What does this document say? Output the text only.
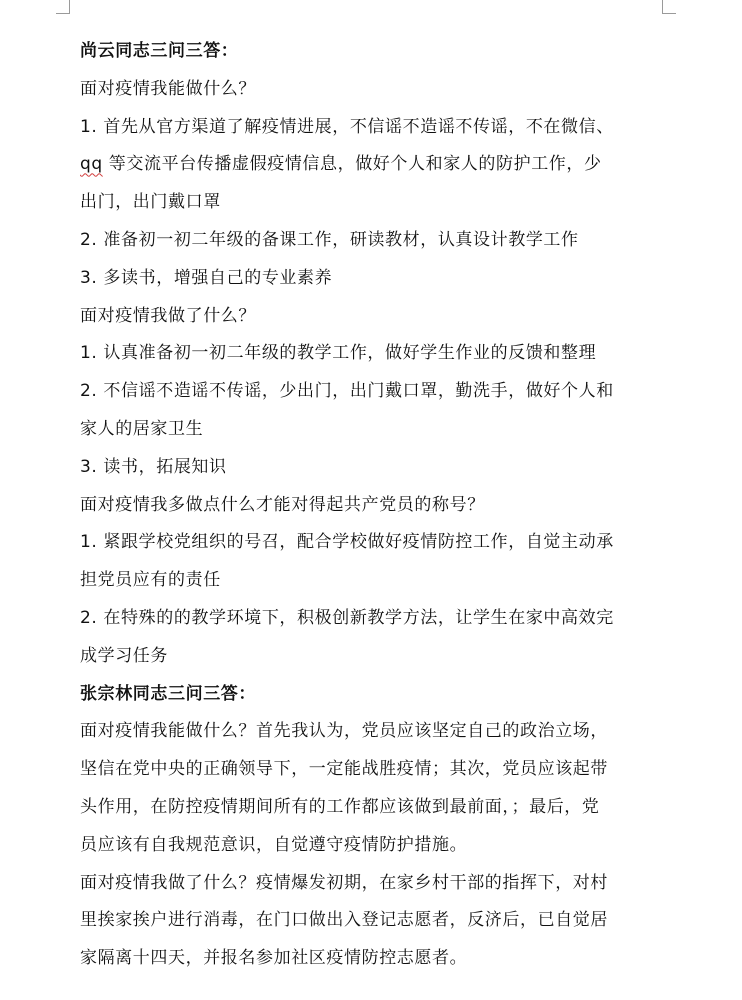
尚云同志三问三答：
面对疫情我能做什么？
1. 首先从官方渠道了解疫情进展，不信谣不造谣不传谣，不在微信、
qq 等交流平台传播虚假疫情信息，做好个人和家人的防护工作，少
出门，出门戴口罩
2. 准备初一初二年级的备课工作，研读教材，认真设计教学工作
3. 多读书，增强自己的专业素养
面对疫情我做了什么？
1. 认真准备初一初二年级的教学工作，做好学生作业的反馈和整理
2. 不信谣不造谣不传谣，少出门，出门戴口罩，勤洗手，做好个人和
家人的居家卫生
3. 读书，拓展知识
面对疫情我多做点什么才能对得起共产党员的称号？
1. 紧跟学校党组织的号召，配合学校做好疫情防控工作，自觉主动承
担党员应有的责任
2. 在特殊的的教学环境下，积极创新教学方法，让学生在家中高效完
成学习任务
张宗林同志三问三答：
面对疫情我能做什么？首先我认为，党员应该坚定自己的政治立场，
坚信在党中央的正确领导下，一定能战胜疫情；其次，党员应该起带
头作用，在防控疫情期间所有的工作都应该做到最前面，；最后，党
员应该有自我规范意识，自觉遵守疫情防护措施。
面对疫情我做了什么？疫情爆发初期，在家乡村干部的指挥下，对村
里挨家挨户进行消毒，在门口做出入登记志愿者，反济后，已自觉居
家隔离十四天，并报名参加社区疫情防控志愿者。
